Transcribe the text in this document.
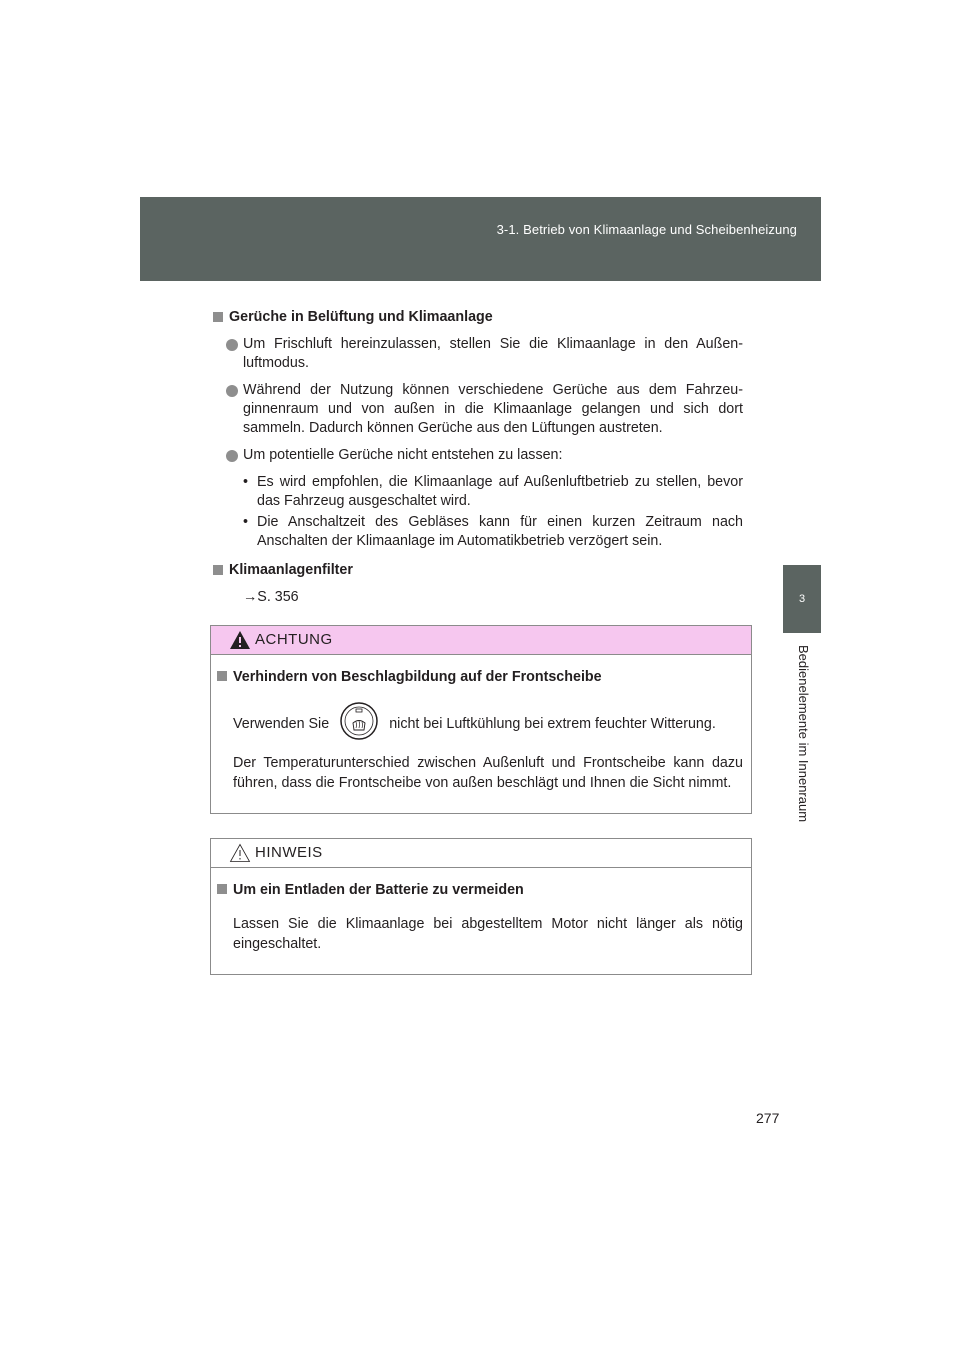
3-1. Betrieb von Klimaanlage und Scheibenheizung
3
Bedienelemente im Innenraum
Gerüche in Belüftung und Klimaanlage
Um Frischluft hereinzulassen, stellen Sie die Klimaanlage in den Außen-luftmodus.
Während der Nutzung können verschiedene Gerüche aus dem Fahrzeu-ginnenraum und von außen in die Klimaanlage gelangen und sich dort sammeln. Dadurch können Gerüche aus den Lüftungen austreten.
Um potentielle Gerüche nicht entstehen zu lassen:
• Es wird empfohlen, die Klimaanlage auf Außenluftbetrieb zu stellen, bevor das Fahrzeug ausgeschaltet wird.
• Die Anschaltzeit des Gebläses kann für einen kurzen Zeitraum nach Anschalten der Klimaanlage im Automatikbetrieb verzögert sein.
Klimaanlagenfilter
→S. 356
ACHTUNG
Verhindern von Beschlagbildung auf der Frontscheibe

Verwenden Sie	nicht bei Luftkühlung bei extrem feuchter Witterung.

Der Temperaturunterschied zwischen Außenluft und Frontscheibe kann dazu führen, dass die Frontscheibe von außen beschlägt und Ihnen die Sicht nimmt.

HINWEIS
Um ein Entladen der Batterie zu vermeiden

Lassen Sie die Klimaanlage bei abgestelltem Motor nicht länger als nötig eingeschaltet.

277
